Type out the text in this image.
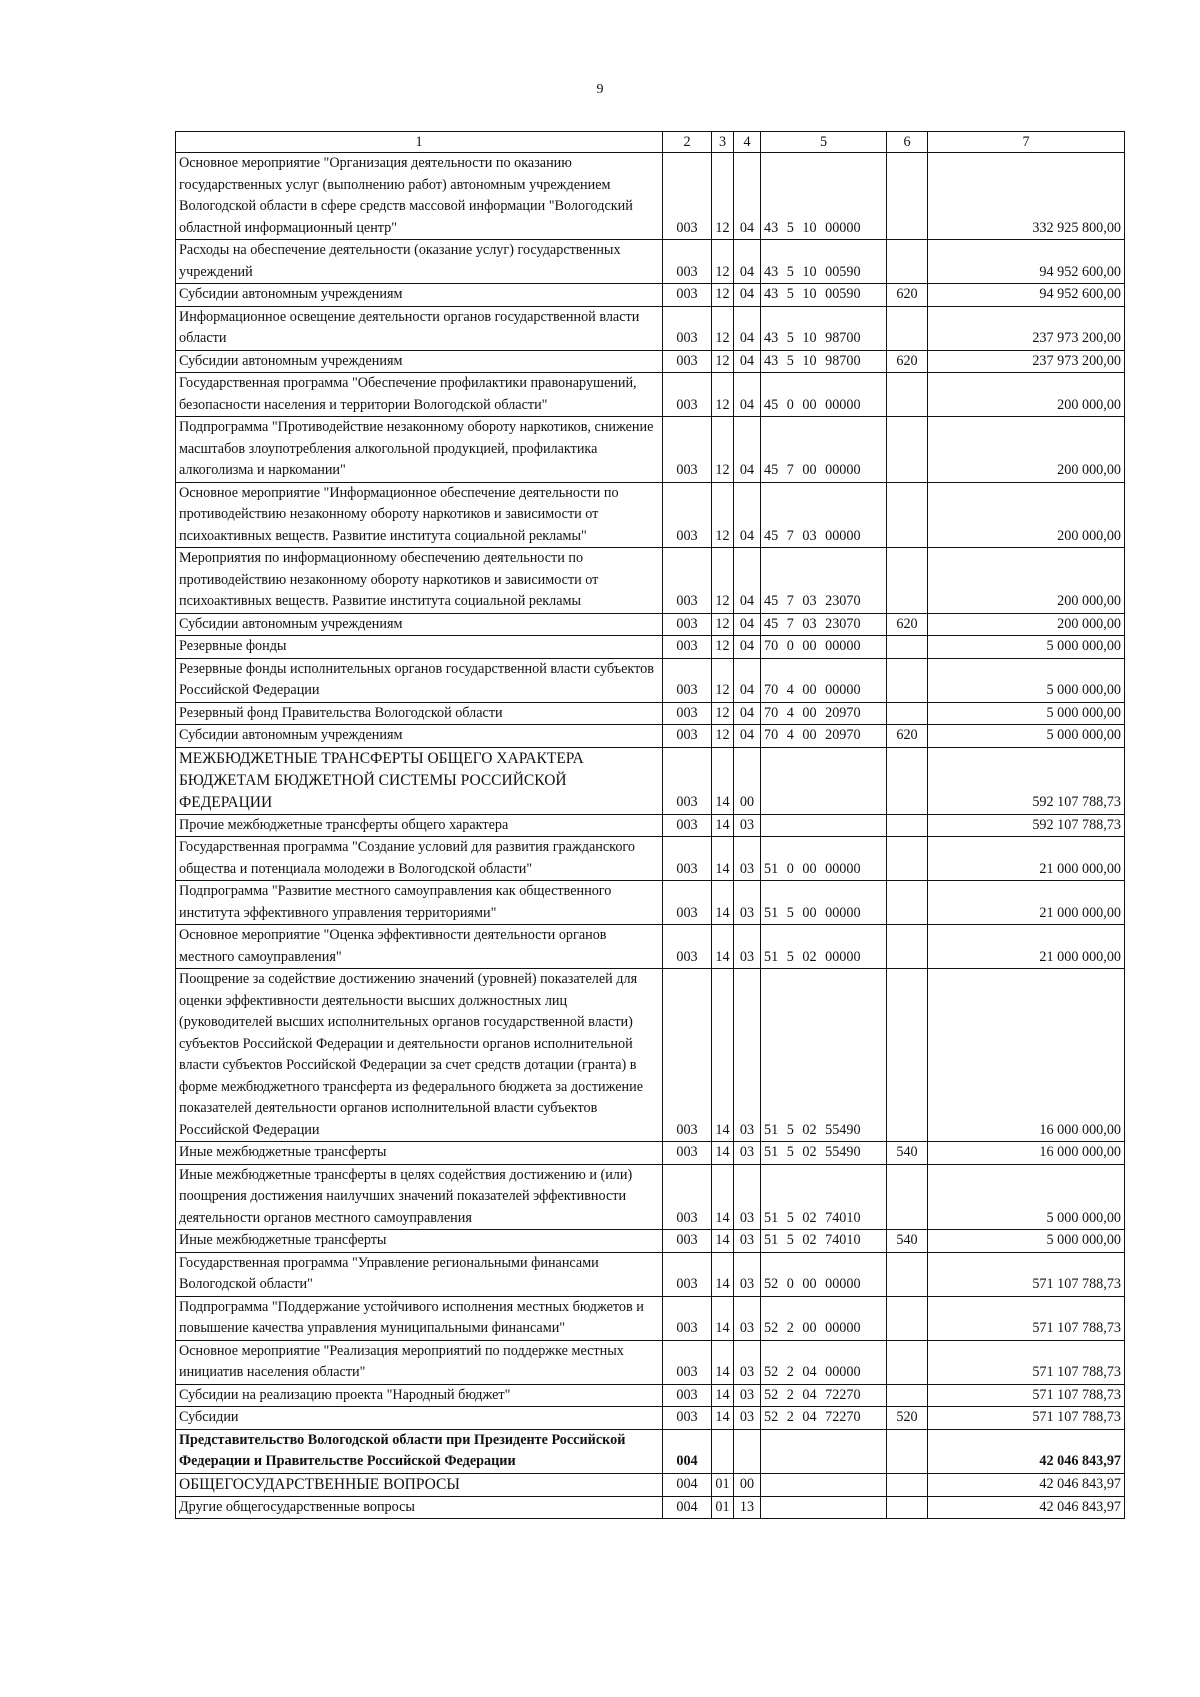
9
1	2	3	4	5	6	7
Основное мероприятие "Организация деятельности по оказанию государственных услуг (выполнению работ) автономным учреждением Вологодской области в сфере средств массовой информации "Вологодский областной информационный центр"	003	12	04	43 5 10 00000		332 925 800,00
Расходы на обеспечение деятельности (оказание услуг) государственных учреждений	003	12	04	43 5 10 00590		94 952 600,00
Субсидии автономным учреждениям	003	12	04	43 5 10 00590	620	94 952 600,00
Информационное освещение деятельности органов государственной власти области	003	12	04	43 5 10 98700		237 973 200,00
Субсидии автономным учреждениям	003	12	04	43 5 10 98700	620	237 973 200,00
Государственная программа "Обеспечение профилактики правонарушений, безопасности населения и территории Вологодской области"	003	12	04	45 0 00 00000		200 000,00
Подпрограмма "Противодействие незаконному обороту наркотиков, снижение масштабов злоупотребления алкогольной продукцией, профилактика алкоголизма и наркомании"	003	12	04	45 7 00 00000		200 000,00
Основное мероприятие "Информационное обеспечение деятельности по противодействию незаконному обороту наркотиков и зависимости от психоактивных веществ. Развитие института социальной рекламы"	003	12	04	45 7 03 00000		200 000,00
Мероприятия по информационному обеспечению деятельности по противодействию незаконному обороту наркотиков и зависимости от психоактивных веществ. Развитие института социальной рекламы	003	12	04	45 7 03 23070		200 000,00
Субсидии автономным учреждениям	003	12	04	45 7 03 23070	620	200 000,00
Резервные фонды	003	12	04	70 0 00 00000		5 000 000,00
Резервные фонды исполнительных органов государственной власти субъектов Российской Федерации	003	12	04	70 4 00 00000		5 000 000,00
Резервный фонд Правительства Вологодской области	003	12	04	70 4 00 20970		5 000 000,00
Субсидии автономным учреждениям	003	12	04	70 4 00 20970	620	5 000 000,00
МЕЖБЮДЖЕТНЫЕ ТРАНСФЕРТЫ ОБЩЕГО ХАРАКТЕРА БЮДЖЕТАМ БЮДЖЕТНОЙ СИСТЕМЫ РОССИЙСКОЙ ФЕДЕРАЦИИ	003	14	00			592 107 788,73
Прочие межбюджетные трансферты общего характера	003	14	03			592 107 788,73
Государственная программа "Создание условий для развития гражданского общества и потенциала молодежи в Вологодской области"	003	14	03	51 0 00 00000		21 000 000,00
Подпрограмма "Развитие местного самоуправления как общественного института эффективного управления территориями"	003	14	03	51 5 00 00000		21 000 000,00
Основное мероприятие "Оценка эффективности деятельности органов местного самоуправления"	003	14	03	51 5 02 00000		21 000 000,00
Поощрение за содействие достижению значений (уровней) показателей для оценки эффективности деятельности высших должностных лиц (руководителей высших исполнительных органов государственной власти) субъектов Российской Федерации и деятельности органов исполнительной власти субъектов Российской Федерации за счет средств дотации (гранта) в форме межбюджетного трансферта из федерального бюджета за достижение показателей деятельности органов исполнительной власти субъектов Российской Федерации	003	14	03	51 5 02 55490		16 000 000,00
Иные межбюджетные трансферты	003	14	03	51 5 02 55490	540	16 000 000,00
Иные межбюджетные трансферты в целях содействия достижению и (или) поощрения достижения наилучших значений показателей эффективности деятельности органов местного самоуправления	003	14	03	51 5 02 74010		5 000 000,00
Иные межбюджетные трансферты	003	14	03	51 5 02 74010	540	5 000 000,00
Государственная программа "Управление региональными финансами Вологодской области"	003	14	03	52 0 00 00000		571 107 788,73
Подпрограмма "Поддержание устойчивого исполнения местных бюджетов и повышение качества управления муниципальными финансами"	003	14	03	52 2 00 00000		571 107 788,73
Основное мероприятие "Реализация мероприятий по поддержке местных инициатив населения области"	003	14	03	52 2 04 00000		571 107 788,73
Субсидии на реализацию проекта "Народный бюджет"	003	14	03	52 2 04 72270		571 107 788,73
Субсидии	003	14	03	52 2 04 72270	520	571 107 788,73
Представительство Вологодской области при Президенте Российской Федерации и Правительстве Российской Федерации	004					42 046 843,97
ОБЩЕГОСУДАРСТВЕННЫЕ ВОПРОСЫ	004	01	00			42 046 843,97
Другие общегосударственные вопросы	004	01	13			42 046 843,97
